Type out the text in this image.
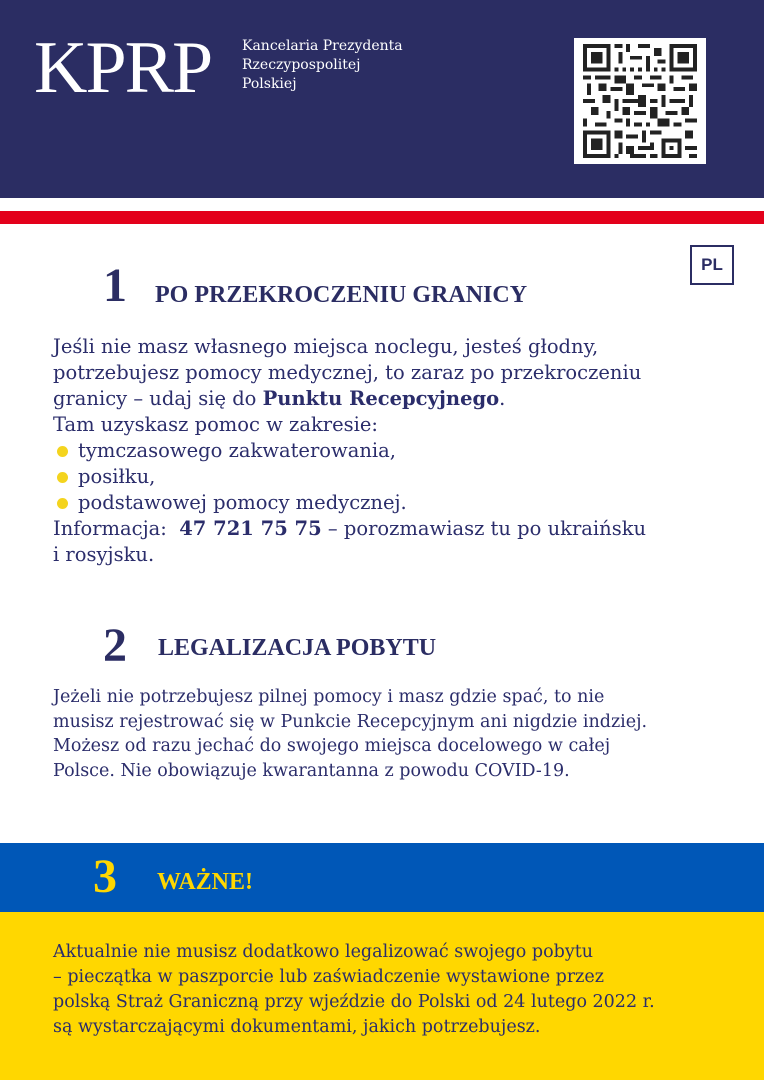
KPRP Kancelaria Prezydenta
Rzeczypospolitej
Polskiej
PL
1 PO PRZEKROCZENIU GRANICY
Jeśli nie masz własnego miejsca noclegu, jesteś głodny,
potrzebujesz pomocy medycznej, to zaraz po przekroczeniu
granicy – udaj się do Punktu Recepcyjnego.
Tam uzyskasz pomoc w zakresie:
tymczasowego zakwaterowania,
posiłku,
podstawowej pomocy medycznej.
Informacja:  47 721 75 75 – porozmawiasz tu po ukraińsku
i rosyjsku.
2 LEGALIZACJA POBYTU
Jeżeli nie potrzebujesz pilnej pomocy i masz gdzie spać, to nie
musisz rejestrować się w Punkcie Recepcyjnym ani nigdzie indziej.
Możesz od razu jechać do swojego miejsca docelowego w całej
Polsce. Nie obowiązuje kwarantanna z powodu COVID-19.
3 WAŻNE!
Aktualnie nie musisz dodatkowo legalizować swojego pobytu
– pieczątka w paszporcie lub zaświadczenie wystawione przez
polską Straż Graniczną przy wjeździe do Polski od 24 lutego 2022 r.
są wystarczającymi dokumentami, jakich potrzebujesz.
